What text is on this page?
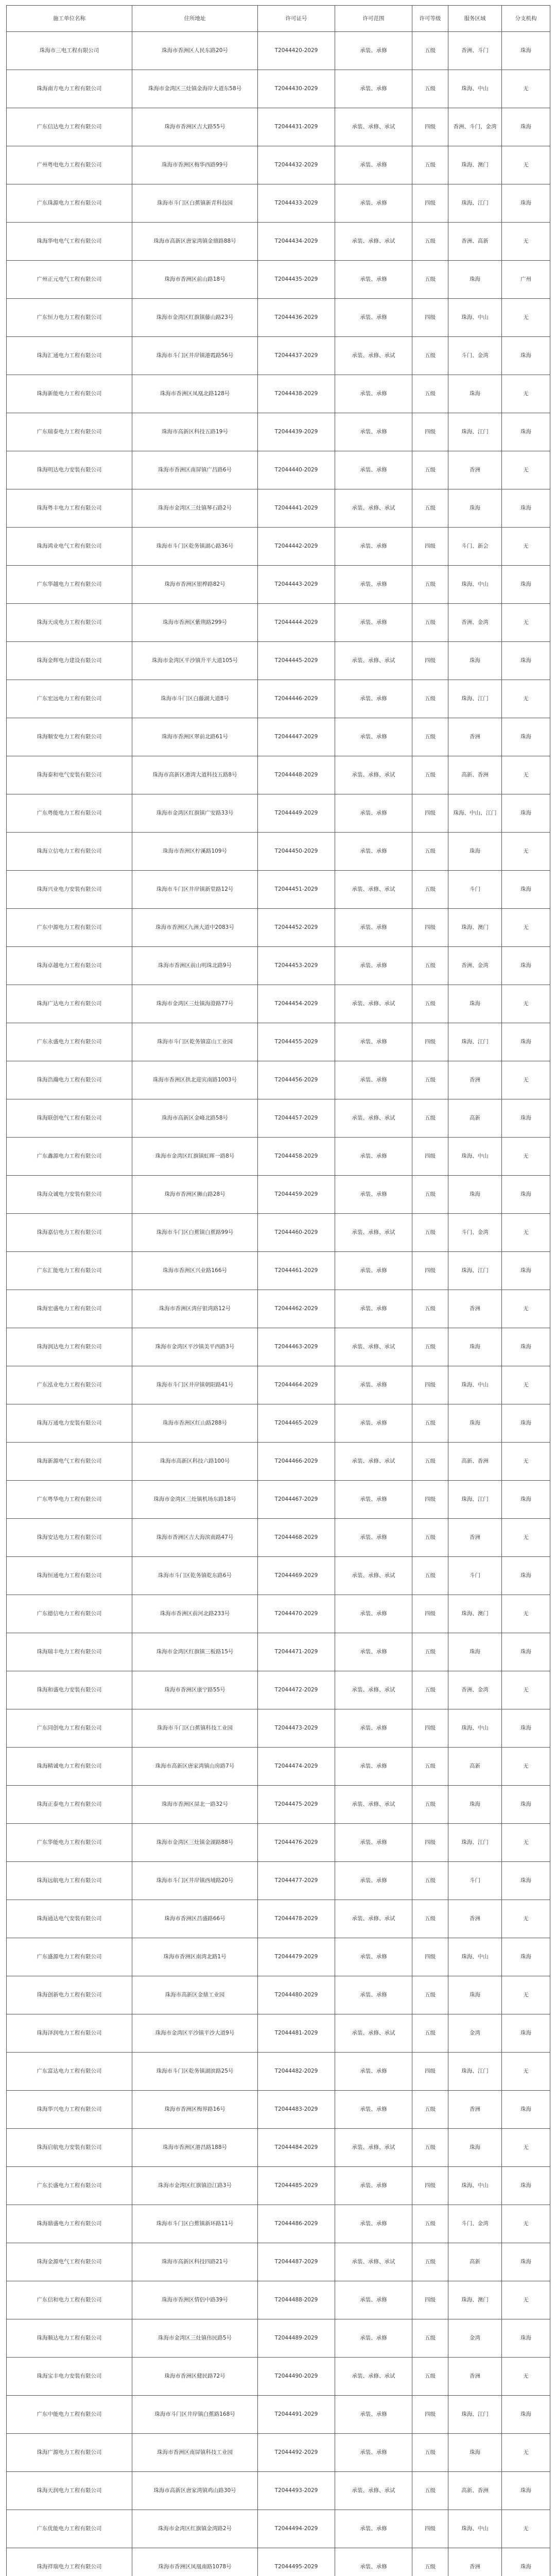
施工单位名称	住所地址	许可证号	许可范围	许可等级	服务区域	分支机构
珠海市三电工程有限公司	珠海市香洲区人民东路20号	T2044420-2029	承装、承修	五级	香洲、斗门	珠海
珠海南方电力工程有限公司	珠海市金湾区三灶镇金海岸大道东58号	T2044430-2029	承装、承修	五级	珠海、中山	无
广东信达电力工程有限公司	珠海市香洲区吉大路55号	T2044431-2029	承装、承修、承试	四级	香洲、斗门、金湾	珠海
广州粤电电力工程有限公司	珠海市香洲区梅华西路99号	T2044432-2029	承装、承修	五级	珠海、澳门	无
广东珠源电力工程有限公司	珠海市斗门区白蕉镇新青科技园	T2044433-2029	承装、承修	四级	珠海、江门	珠海
珠海华电电气工程有限公司	珠海市高新区唐家湾镇金鼎路88号	T2044434-2029	承装、承修、承试	五级	香洲、高新	无
广州正元电气工程有限公司	珠海市香洲区前山路18号	T2044435-2029	承装、承修	五级	珠海	广州
广东恒力电力工程有限公司	珠海市金湾区红旗镇藤山路23号	T2044436-2029	承装、承修	四级	珠海、中山	无
珠海汇通电力工程有限公司	珠海市斗门区井岸镇港霞路56号	T2044437-2029	承装、承修、承试	五级	斗门、金湾	珠海
珠海新能电力工程有限公司	珠海市香洲区凤凰北路128号	T2044438-2029	承装、承修	五级	珠海	无
广东瑞泰电力工程有限公司	珠海市高新区科技五路19号	T2044439-2029	承装、承修	四级	珠海、江门	珠海
珠海明达电力安装有限公司	珠海市香洲区南屏镇广昌路6号	T2044440-2029	承装、承修	五级	香洲	无
珠海粤丰电力工程有限公司	珠海市金湾区三灶镇琴石路2号	T2044441-2029	承装、承修、承试	五级	珠海	珠海
珠海鸿业电气工程有限公司	珠海市斗门区乾务镇湖心路36号	T2044442-2029	承装、承修	四级	斗门、新会	无
广东华越电力工程有限公司	珠海市香洲区银桦路82号	T2044443-2029	承装、承修	五级	珠海、中山	珠海
珠海天成电力工程有限公司	珠海市香洲区紫荆路299号	T2044444-2029	承装、承修	五级	香洲、金湾	无
珠海金辉电力建设有限公司	珠海市金湾区平沙镇升平大道105号	T2044445-2029	承装、承修、承试	四级	珠海	珠海
广东宏远电力工程有限公司	珠海市斗门区白藤湖大道8号	T2044446-2029	承装、承修	五级	珠海、江门	无
珠海顺安电力工程有限公司	珠海市香洲区翠前北路61号	T2044447-2029	承装、承修	五级	香洲	珠海
珠海泰和电气安装有限公司	珠海市高新区港湾大道科技五路8号	T2044448-2029	承装、承修、承试	五级	高新、香洲	无
广东粤能电力工程有限公司	珠海市金湾区红旗镇广安路33号	T2044449-2029	承装、承修	四级	珠海、中山、江门	珠海
珠海立信电力工程有限公司	珠海市香洲区柠溪路109号	T2044450-2029	承装、承修	五级	珠海	无
珠海兴业电力安装有限公司	珠海市斗门区井岸镇新堂路12号	T2044451-2029	承装、承修、承试	五级	斗门	珠海
广东中源电力工程有限公司	珠海市香洲区九洲大道中2083号	T2044452-2029	承装、承修	四级	珠海、澳门	无
珠海卓越电力工程有限公司	珠海市香洲区前山明珠北路9号	T2044453-2029	承装、承修	五级	香洲、金湾	珠海
珠海广达电力工程有限公司	珠海市金湾区三灶镇海澄路77号	T2044454-2029	承装、承修、承试	五级	珠海	无
广东永盛电力工程有限公司	珠海市斗门区乾务镇富山工业园	T2044455-2029	承装、承修	四级	珠海、江门	珠海
珠海浩瀚电力工程有限公司	珠海市香洲区拱北迎宾南路1003号	T2044456-2029	承装、承修	五级	香洲	无
珠海联创电气工程有限公司	珠海市高新区金峰北路58号	T2044457-2029	承装、承修、承试	五级	高新	珠海
广东鑫源电力工程有限公司	珠海市金湾区红旗镇虹晖一路8号	T2044458-2029	承装、承修	四级	珠海、中山	无
珠海众诚电力安装有限公司	珠海市香洲区狮山路28号	T2044459-2029	承装、承修	五级	珠海	珠海
珠海嘉信电力工程有限公司	珠海市斗门区白蕉镇白蕉路99号	T2044460-2029	承装、承修、承试	五级	斗门、金湾	无
广东汇能电力工程有限公司	珠海市香洲区兴业路166号	T2044461-2029	承装、承修	四级	珠海、江门	珠海
珠海宏盛电力工程有限公司	珠海市香洲区湾仔银湾路12号	T2044462-2029	承装、承修	五级	香洲	无
珠海润达电力工程有限公司	珠海市金湾区平沙镇美平西路3号	T2044463-2029	承装、承修、承试	五级	珠海	珠海
广东泓业电力工程有限公司	珠海市斗门区井岸镇朝阳路41号	T2044464-2029	承装、承修	四级	珠海、中山	无
珠海万通电力安装有限公司	珠海市香洲区红山路288号	T2044465-2029	承装、承修	五级	珠海	珠海
珠海新源电气工程有限公司	珠海市高新区科技六路100号	T2044466-2029	承装、承修、承试	五级	高新、香洲	无
广东粤华电力工程有限公司	珠海市金湾区三灶镇机场东路18号	T2044467-2029	承装、承修	四级	珠海、江门	珠海
珠海安达电力工程有限公司	珠海市香洲区吉大海滨南路47号	T2044468-2029	承装、承修	五级	香洲	无
珠海恒通电力工程有限公司	珠海市斗门区乾务镇乾东路6号	T2044469-2029	承装、承修、承试	五级	斗门	珠海
广东德信电力工程有限公司	珠海市香洲区前河北路233号	T2044470-2029	承装、承修	四级	珠海、澳门	无
珠海瑞丰电力工程有限公司	珠海市金湾区红旗镇三板路15号	T2044471-2029	承装、承修	五级	珠海	珠海
珠海和盛电力安装有限公司	珠海市香洲区康宁路55号	T2044472-2029	承装、承修、承试	五级	香洲、金湾	无
广东同创电力工程有限公司	珠海市斗门区白蕉镇科技工业园	T2044473-2029	承装、承修	四级	珠海、中山	珠海
珠海精诚电力工程有限公司	珠海市高新区唐家湾镇山房路7号	T2044474-2029	承装、承修	五级	高新	无
珠海正泰电力工程有限公司	珠海市香洲区屏北一路32号	T2044475-2029	承装、承修、承试	五级	珠海	珠海
广东华能电力工程有限公司	珠海市金湾区三灶镇金湖路88号	T2044476-2029	承装、承修	四级	珠海、江门	无
珠海远航电力工程有限公司	珠海市斗门区井岸镇西埔路20号	T2044477-2029	承装、承修	五级	斗门	珠海
珠海通达电气安装有限公司	珠海市香洲区昌盛路66号	T2044478-2029	承装、承修、承试	五级	香洲	无
广东盛源电力工程有限公司	珠海市香洲区南湾北路1号	T2044479-2029	承装、承修	四级	珠海、中山	珠海
珠海创新电力工程有限公司	珠海市高新区金鼎工业园	T2044480-2029	承装、承修	五级	珠海	无
珠海泽润电力工程有限公司	珠海市金湾区平沙镇平沙大道9号	T2044481-2029	承装、承修、承试	五级	金湾	珠海
广东富达电力工程有限公司	珠海市斗门区乾务镇湖滨路25号	T2044482-2029	承装、承修	四级	珠海、江门	无
珠海华兴电力工程有限公司	珠海市香洲区梅界路16号	T2044483-2029	承装、承修	五级	香洲	珠海
珠海启航电力安装有限公司	珠海市香洲区港昌路188号	T2044484-2029	承装、承修、承试	五级	珠海	无
广东长盛电力工程有限公司	珠海市金湾区红旗镇沿江路3号	T2044485-2029	承装、承修	四级	珠海、中山	珠海
珠海鼎盛电力工程有限公司	珠海市斗门区白蕉镇新环路11号	T2044486-2029	承装、承修	五级	斗门、金湾	无
珠海金源电气工程有限公司	珠海市高新区科技四路21号	T2044487-2029	承装、承修、承试	五级	高新	珠海
广东信和电力工程有限公司	珠海市香洲区情侣中路39号	T2044488-2029	承装、承修	四级	珠海、澳门	无
珠海顺达电力工程有限公司	珠海市金湾区三灶镇伟民路5号	T2044489-2029	承装、承修	五级	金湾	珠海
珠海宝丰电力安装有限公司	珠海市香洲区健民路72号	T2044490-2029	承装、承修、承试	五级	香洲	无
广东中能电力工程有限公司	珠海市斗门区井岸镇白蕉路168号	T2044491-2029	承装、承修	四级	珠海、江门	珠海
珠海广源电力工程有限公司	珠海市香洲区南屏镇科技工业园	T2044492-2029	承装、承修	五级	珠海	无
珠海天润电力工程有限公司	珠海市高新区唐家湾镇鸡山路30号	T2044493-2029	承装、承修、承试	五级	高新、香洲	珠海
广东优能电力工程有限公司	珠海市金湾区红旗镇金湾路2号	T2044494-2029	承装、承修	四级	珠海、中山	无
珠海祥瑞电力工程有限公司	珠海市香洲区凤凰南路1078号	T2044495-2029	承装、承修	五级	香洲	珠海
